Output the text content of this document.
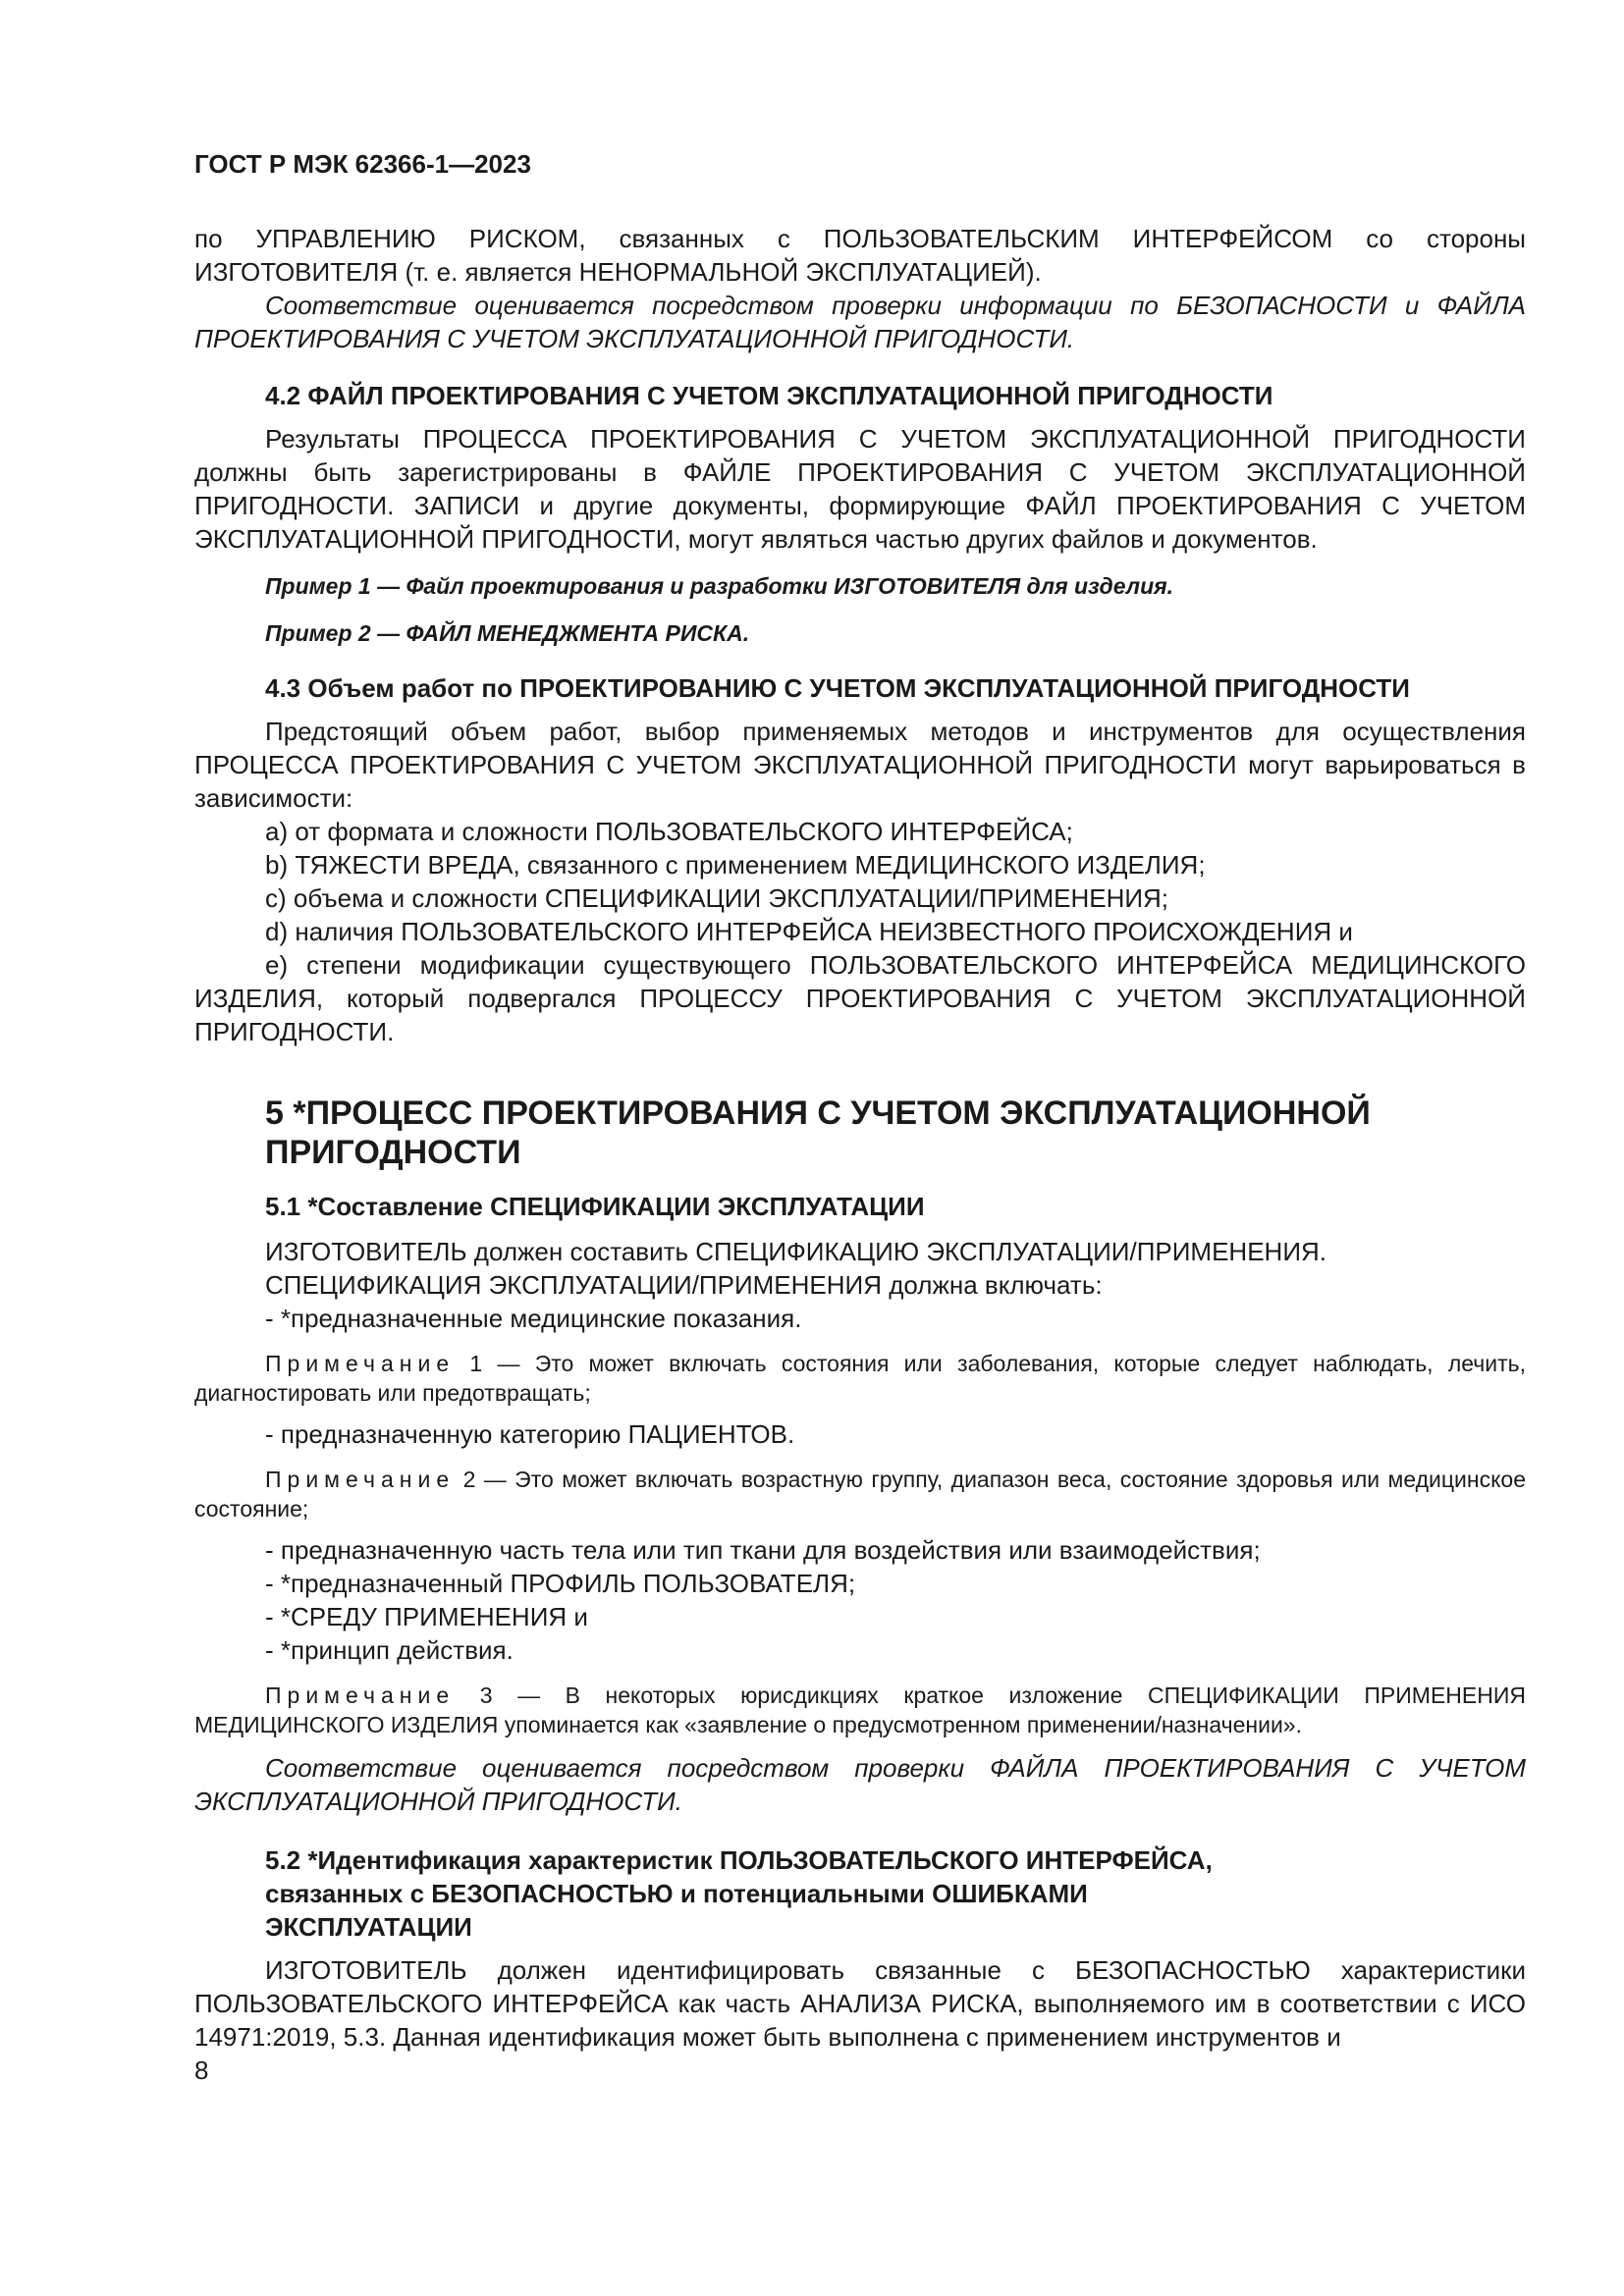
ГОСТ Р МЭК 62366-1—2023

по УПРАВЛЕНИЮ РИСКОМ, связанных с ПОЛЬЗОВАТЕЛЬСКИМ ИНТЕРФЕЙСОМ со стороны ИЗГОТОВИТЕЛЯ (т. е. является НЕНОРМАЛЬНОЙ ЭКСПЛУАТАЦИЕЙ).

Соответствие оценивается посредством проверки информации по БЕЗОПАСНОСТИ и ФАЙЛА ПРОЕКТИРОВАНИЯ С УЧЕТОМ ЭКСПЛУАТАЦИОННОЙ ПРИГОДНОСТИ.

4.2 ФАЙЛ ПРОЕКТИРОВАНИЯ С УЧЕТОМ ЭКСПЛУАТАЦИОННОЙ ПРИГОДНОСТИ

Результаты ПРОЦЕССА ПРОЕКТИРОВАНИЯ С УЧЕТОМ ЭКСПЛУАТАЦИОННОЙ ПРИГОДНОСТИ должны быть зарегистрированы в ФАЙЛЕ ПРОЕКТИРОВАНИЯ С УЧЕТОМ ЭКСПЛУАТАЦИОННОЙ ПРИГОДНОСТИ. ЗАПИСИ и другие документы, формирующие ФАЙЛ ПРОЕКТИРОВАНИЯ С УЧЕТОМ ЭКСПЛУАТАЦИОННОЙ ПРИГОДНОСТИ, могут являться частью других файлов и документов.

Пример 1 — Файл проектирования и разработки ИЗГОТОВИТЕЛЯ для изделия.
Пример 2 — ФАЙЛ МЕНЕДЖМЕНТА РИСКА.
4.3 Объем работ по ПРОЕКТИРОВАНИЮ С УЧЕТОМ ЭКСПЛУАТАЦИОННОЙ ПРИГОДНОСТИ

Предстоящий объем работ, выбор применяемых методов и инструментов для осуществления ПРОЦЕССА ПРОЕКТИРОВАНИЯ С УЧЕТОМ ЭКСПЛУАТАЦИОННОЙ ПРИГОДНОСТИ могут варьироваться в зависимости:

a) от формата и сложности ПОЛЬЗОВАТЕЛЬСКОГО ИНТЕРФЕЙСА;
b) ТЯЖЕСТИ ВРЕДА, связанного с применением МЕДИЦИНСКОГО ИЗДЕЛИЯ;
c) объема и сложности СПЕЦИФИКАЦИИ ЭКСПЛУАТАЦИИ/ПРИМЕНЕНИЯ;
d) наличия ПОЛЬЗОВАТЕЛЬСКОГО ИНТЕРФЕЙСА НЕИЗВЕСТНОГО ПРОИСХОЖДЕНИЯ и

e) степени модификации существующего ПОЛЬЗОВАТЕЛЬСКОГО ИНТЕРФЕЙСА МЕДИЦИНСКОГО ИЗДЕЛИЯ, который подвергался ПРОЦЕССУ ПРОЕКТИРОВАНИЯ С УЧЕТОМ ЭКСПЛУАТАЦИОННОЙ ПРИГОДНОСТИ.

5 *ПРОЦЕСС ПРОЕКТИРОВАНИЯ С УЧЕТОМ ЭКСПЛУАТАЦИОННОЙ ПРИГОДНОСТИ
5.1 *Составление СПЕЦИФИКАЦИИ ЭКСПЛУАТАЦИИ

ИЗГОТОВИТЕЛЬ должен составить СПЕЦИФИКАЦИЮ ЭКСПЛУАТАЦИИ/ПРИМЕНЕНИЯ.

СПЕЦИФИКАЦИЯ ЭКСПЛУАТАЦИИ/ПРИМЕНЕНИЯ должна включать:

- *предназначенные медицинские показания.

Примечание 1 — Это может включать состояния или заболевания, которые следует наблюдать, лечить, диагностировать или предотвращать;

- предназначенную категорию ПАЦИЕНТОВ.

Примечание 2 — Это может включать возрастную группу, диапазон веса, состояние здоровья или медицинское состояние;

- предназначенную часть тела или тип ткани для воздействия или взаимодействия;
- *предназначенный ПРОФИЛЬ ПОЛЬЗОВАТЕЛЯ;
- *СРЕДУ ПРИМЕНЕНИЯ и
- *принцип действия.

Примечание 3 — В некоторых юрисдикциях краткое изложение СПЕЦИФИКАЦИИ ПРИМЕНЕНИЯ МЕДИЦИНСКОГО ИЗДЕЛИЯ упоминается как «заявление о предусмотренном применении/назначении».

Соответствие оценивается посредством проверки ФАЙЛА ПРОЕКТИРОВАНИЯ С УЧЕТОМ ЭКСПЛУАТАЦИОННОЙ ПРИГОДНОСТИ.

5.2 *Идентификация характеристик ПОЛЬЗОВАТЕЛЬСКОГО ИНТЕРФЕЙСА, связанных с БЕЗОПАСНОСТЬЮ и потенциальными ОШИБКАМИ ЭКСПЛУАТАЦИИ

ИЗГОТОВИТЕЛЬ должен идентифицировать связанные с БЕЗОПАСНОСТЬЮ характеристики ПОЛЬЗОВАТЕЛЬСКОГО ИНТЕРФЕЙСА как часть АНАЛИЗА РИСКА, выполняемого им в соответствии с ИСО 14971:2019, 5.3. Данная идентификация может быть выполнена с применением инструментов и

8
